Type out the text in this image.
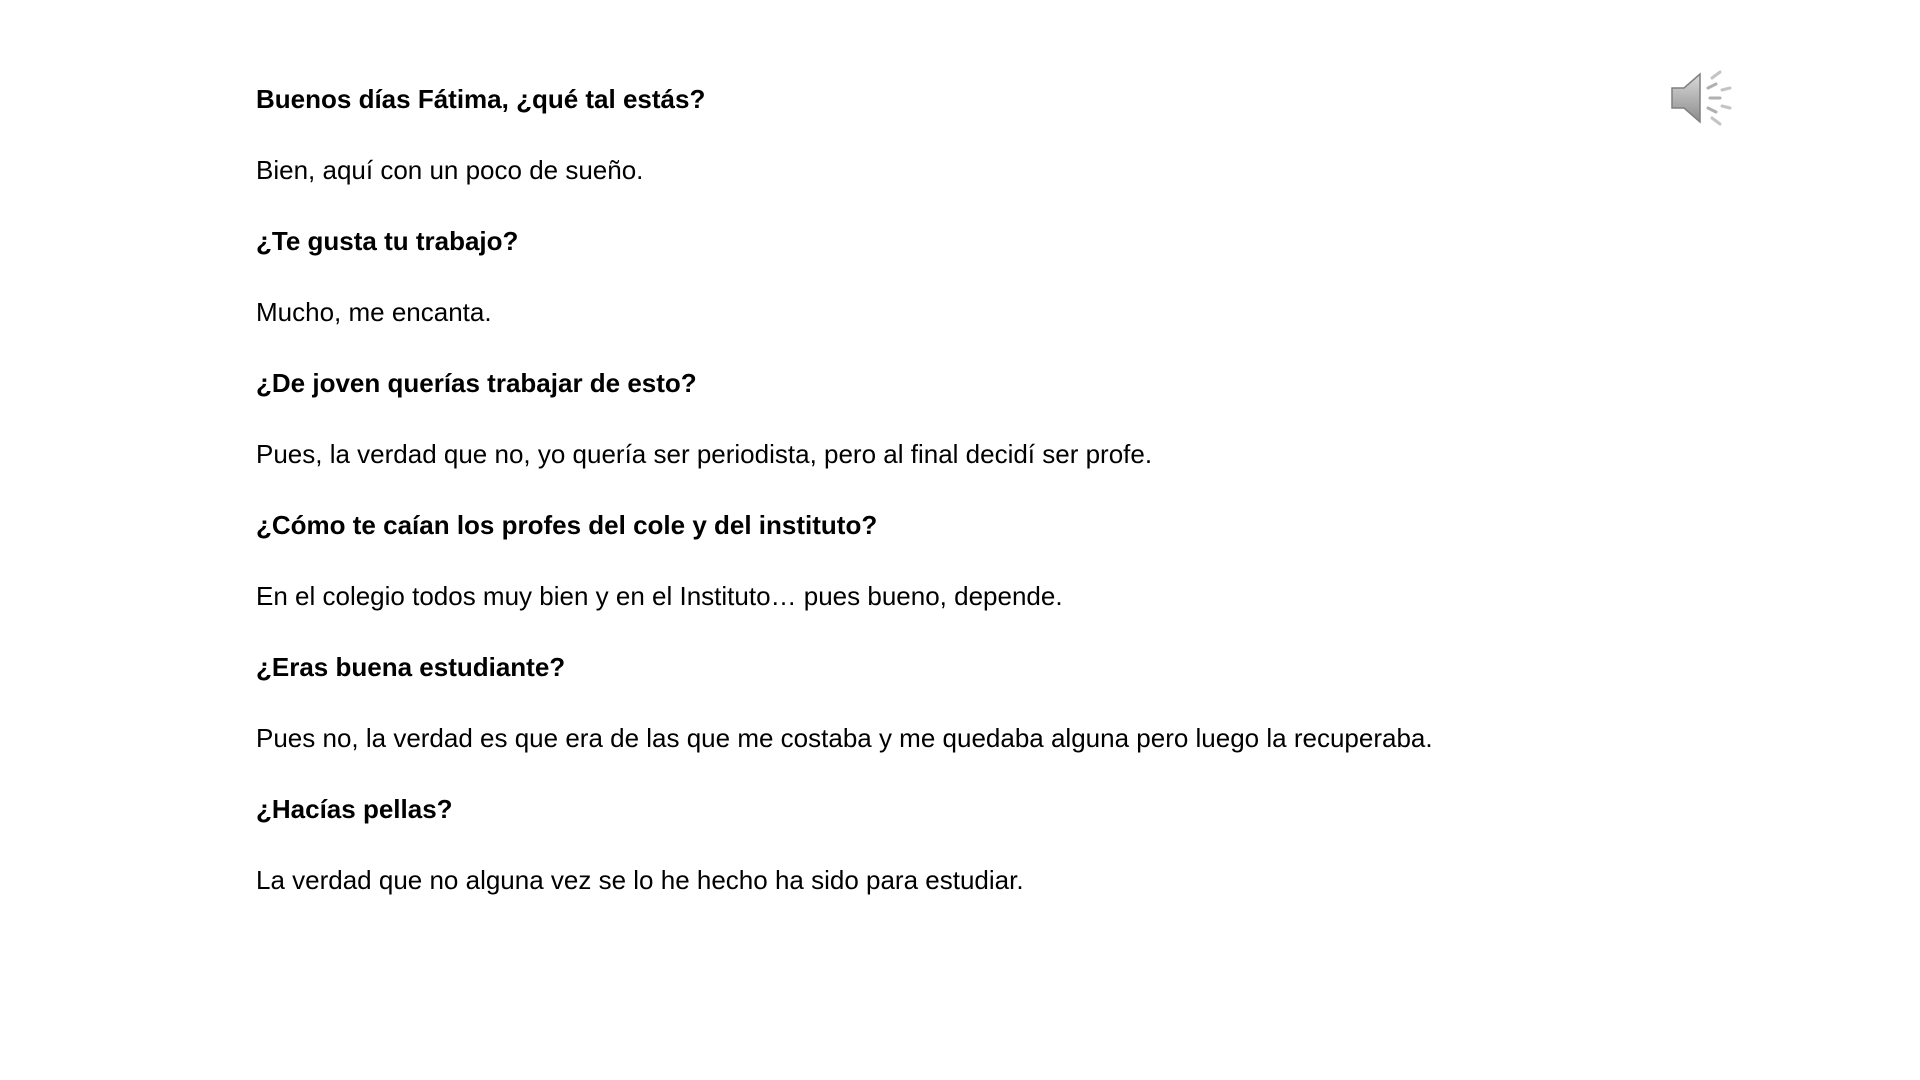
Buenos días Fátima, ¿qué tal estás?
Bien, aquí con un poco de sueño.
¿Te gusta tu trabajo?
Mucho, me encanta.
¿De joven querías trabajar de esto?
Pues, la verdad que no, yo quería ser periodista, pero al final decidí ser profe.
¿Cómo te caían los profes del cole y del instituto?
En el colegio todos muy bien y en el Instituto… pues bueno, depende.
¿Eras buena estudiante?
Pues no, la verdad es que era de las que me costaba y me quedaba alguna pero luego la recuperaba.
¿Hacías pellas?
La verdad que no alguna vez se lo he hecho ha sido para estudiar.
